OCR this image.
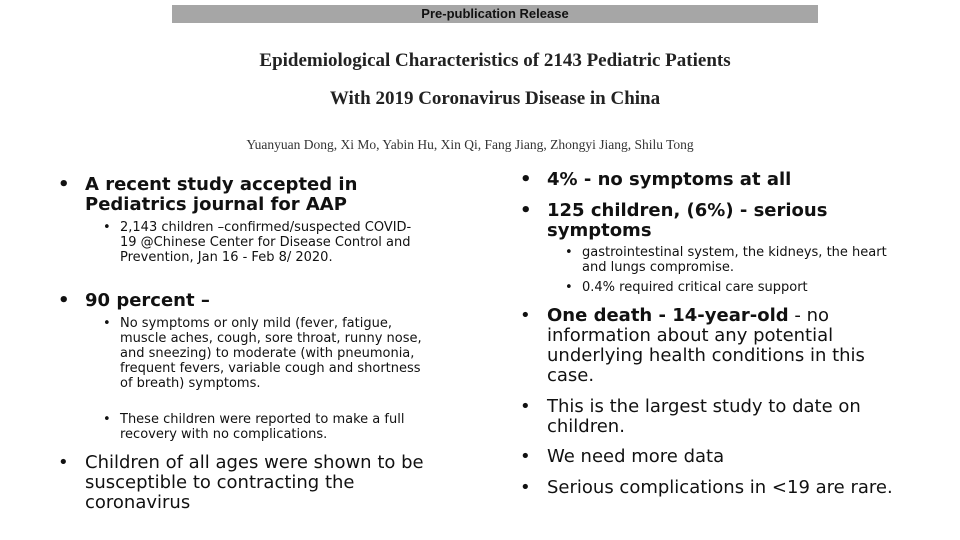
Pre-publication Release
Epidemiological Characteristics of 2143 Pediatric Patients
With 2019 Coronavirus Disease in China

Yuanyuan Dong, Xi Mo, Yabin Hu, Xin Qi, Fang Jiang, Zhongyi Jiang, Shilu Tong

• A recent study accepted in Pediatrics journal for AAP
• 2,143 children –confirmed/suspected COVID-19 @Chinese Center for Disease Control and Prevention, Jan 16 - Feb 8/ 2020.
• 90 percent –
• No symptoms or only mild (fever, fatigue, muscle aches, cough, sore throat, runny nose, and sneezing) to moderate (with pneumonia, frequent fevers, variable cough and shortness of breath) symptoms.
• These children were reported to make a full recovery with no complications.
• Children of all ages were shown to be susceptible to contracting the coronavirus
• 4% - no symptoms at all
• 125 children, (6%) - serious symptoms
• gastrointestinal system, the kidneys, the heart and lungs compromise.
• 0.4% required critical care support
• One death - 14-year-old - no information about any potential underlying health conditions in this case.
• This is the largest study to date on children.
• We need more data
• Serious complications in <19 are rare.
